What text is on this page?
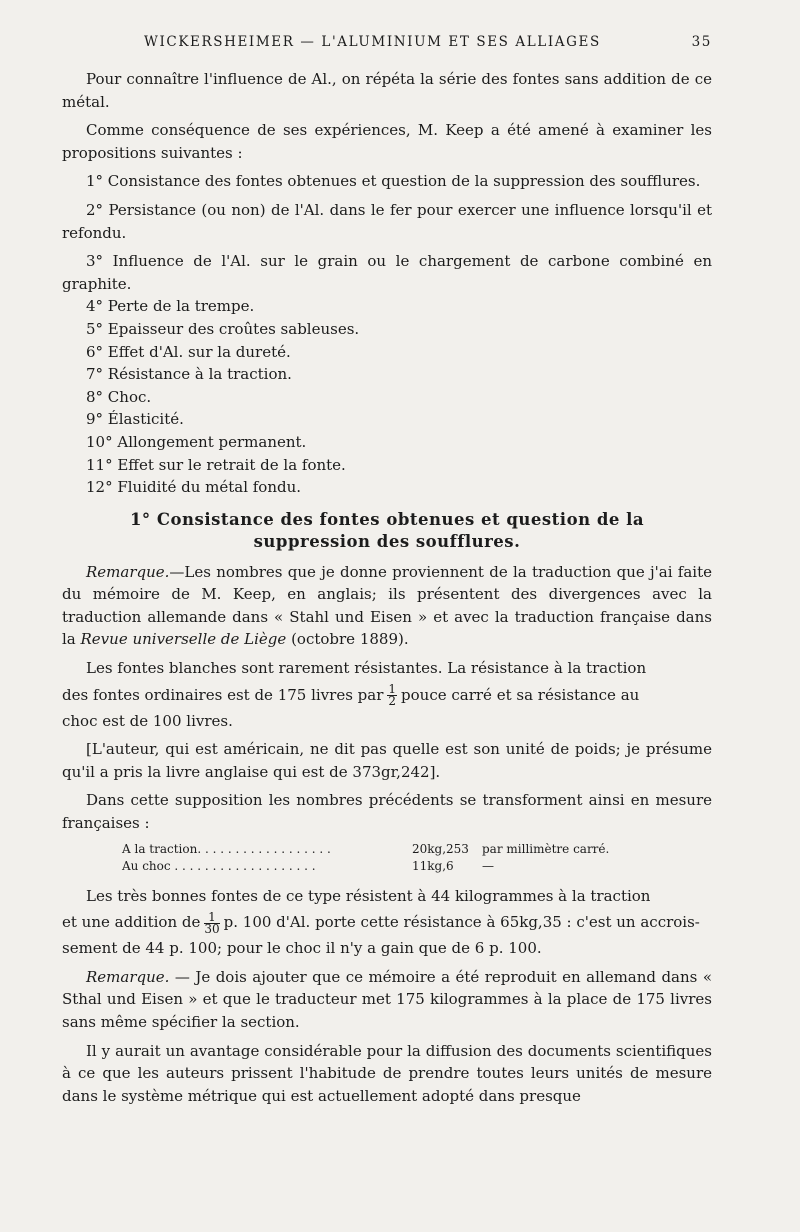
WICKERSHEIMER — L'ALUMINIUM ET SES ALLIAGES	35

Pour connaître l'influence de Al., on répéta la série des fontes sans addition de ce métal.

Comme conséquence de ses expériences, M. Keep a été amené à examiner les propositions suivantes :

1° Consistance des fontes obtenues et question de la suppression des soufflures.

2° Persistance (ou non) de l'Al. dans le fer pour exercer une influence lorsqu'il et refondu.

3° Influence de l'Al. sur le grain ou le chargement de carbone combiné en graphite.

4° Perte de la trempe.

5° Epaisseur des croûtes sableuses.

6° Effet d'Al. sur la dureté.

7° Résistance à la traction.

8° Choc.

9° Élasticité.

10° Allongement permanent.

11° Effet sur le retrait de la fonte.

12° Fluidité du métal fondu.

1° Consistance des fontes obtenues et question de la
suppression des soufflures.

Remarque.—Les nombres que je donne proviennent de la traduction que j'ai faite du mémoire de M. Keep, en anglais; ils présentent des divergences avec la traduction allemande dans « Stahl und Eisen » et avec la traduction française dans la Revue universelle de Liège (octobre 1889).

Les fontes blanches sont rarement résistantes. La résistance à la traction

des fontes ordinaires est de 175 livres par $\frac{1}{2}$ pouce carré et sa résistance au

choc est de 100 livres.

[L'auteur, qui est américain, ne dit pas quelle est son unité de poids; je présume qu'il a pris la livre anglaise qui est de 373gr,242].

Dans cette supposition les nombres précédents se transforment ainsi en mesure françaises :

A la traction. . . . . . . . . . . . . . . . . .	20kg,253	par millimètre carré.
Au choc . . . . . . . . . . . . . . . . . . .	11kg,6	—

Les très bonnes fontes de ce type résistent à 44 kilogrammes à la traction

et une addition de $\frac{1}{30} p$. 100 d'Al. porte cette résistance à 65kg,35 : c'est un accrois-

sement de 44 p. 100; pour le choc il n'y a gain que de 6 p. 100.

Remarque. — Je dois ajouter que ce mémoire a été reproduit en allemand dans « Sthal und Eisen » et que le traducteur met 175 kilogrammes à la place de 175 livres sans même spécifier la section.

Il y aurait un avantage considérable pour la diffusion des documents scientifiques à ce que les auteurs prissent l'habitude de prendre toutes leurs unités de mesure dans le système métrique qui est actuellement adopté dans presque
